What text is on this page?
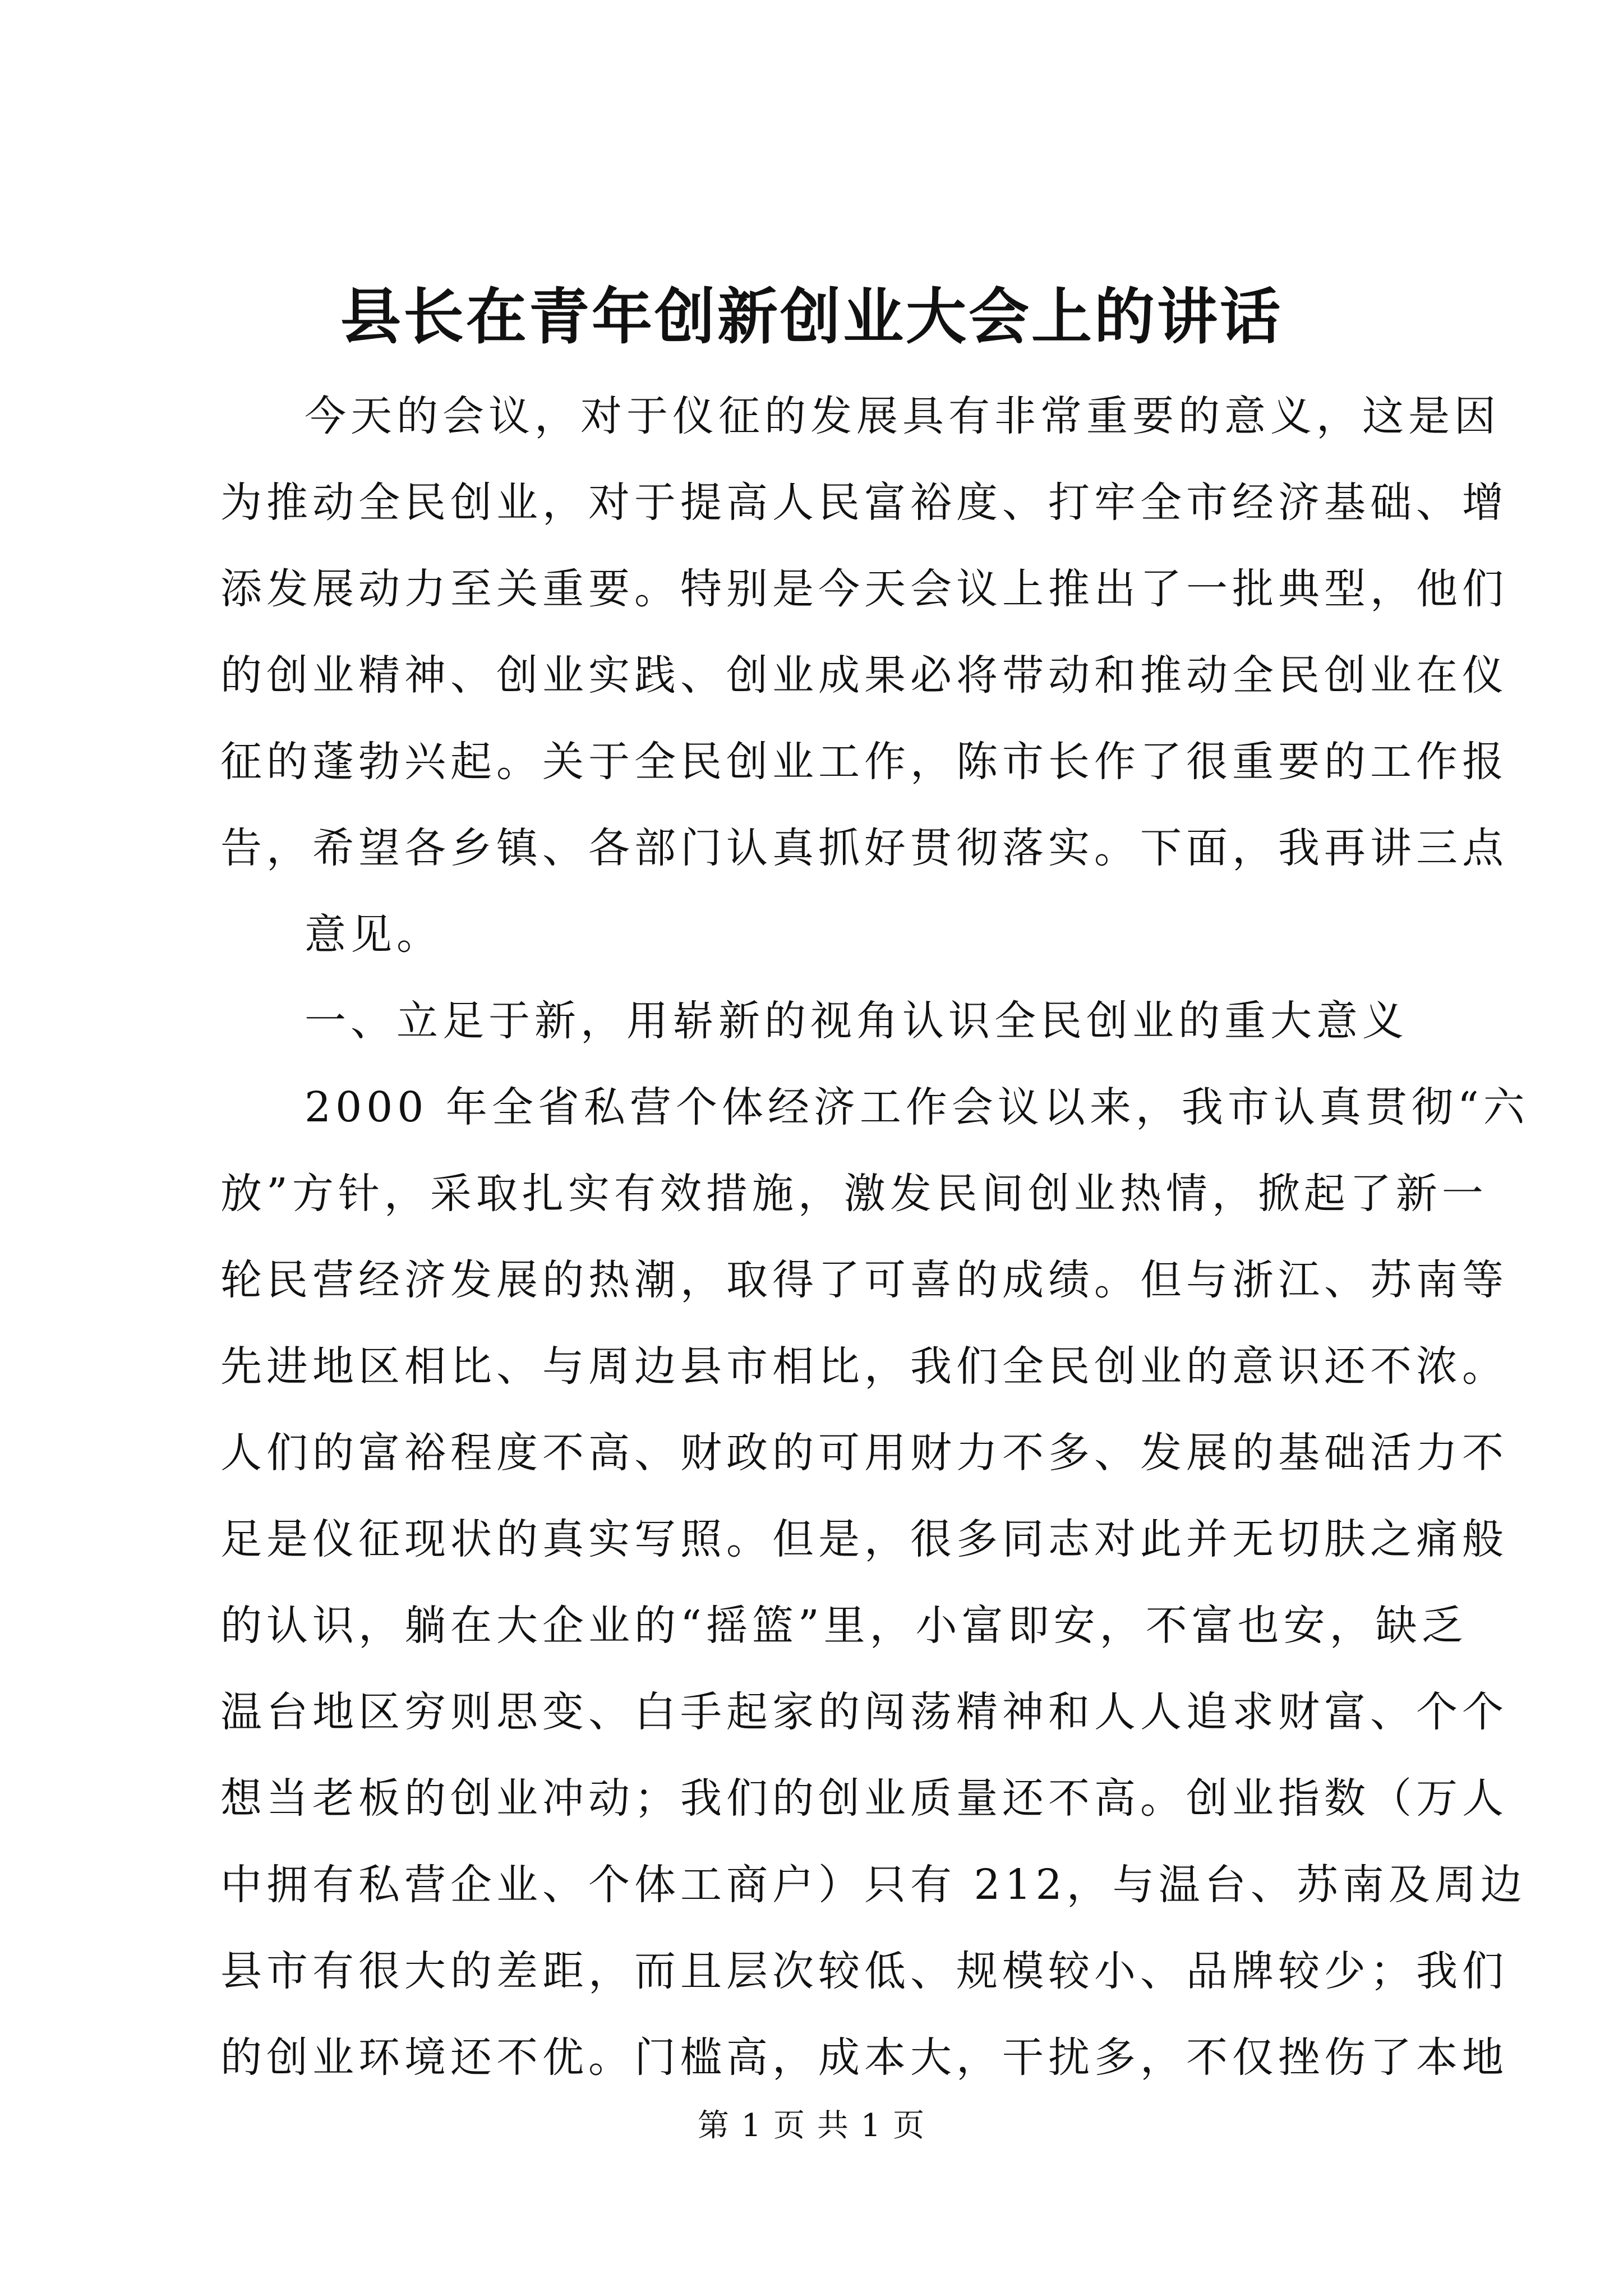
县长在青年创新创业大会上的讲话
今天的会议，对于仪征的发展具有非常重要的意义，这是因
为推动全民创业，对于提高人民富裕度、打牢全市经济基础、增
添发展动力至关重要。特别是今天会议上推出了一批典型，他们
的创业精神、创业实践、创业成果必将带动和推动全民创业在仪
征的蓬勃兴起。关于全民创业工作，陈市长作了很重要的工作报
告，希望各乡镇、各部门认真抓好贯彻落实。下面，我再讲三点
意见。
一、立足于新，用崭新的视角认识全民创业的重大意义
2000 年全省私营个体经济工作会议以来，我市认真贯彻“六
放”方针，采取扎实有效措施，激发民间创业热情，掀起了新一
轮民营经济发展的热潮，取得了可喜的成绩。但与浙江、苏南等
先进地区相比、与周边县市相比，我们全民创业的意识还不浓。
人们的富裕程度不高、财政的可用财力不多、发展的基础活力不
足是仪征现状的真实写照。但是，很多同志对此并无切肤之痛般
的认识，躺在大企业的“摇篮”里，小富即安，不富也安，缺乏
温台地区穷则思变、白手起家的闯荡精神和人人追求财富、个个
想当老板的创业冲动；我们的创业质量还不高。创业指数（万人
中拥有私营企业、个体工商户）只有 212，与温台、苏南及周边
县市有很大的差距，而且层次较低、规模较小、品牌较少；我们
的创业环境还不优。门槛高，成本大，干扰多，不仅挫伤了本地
第 1 页 共 1 页
